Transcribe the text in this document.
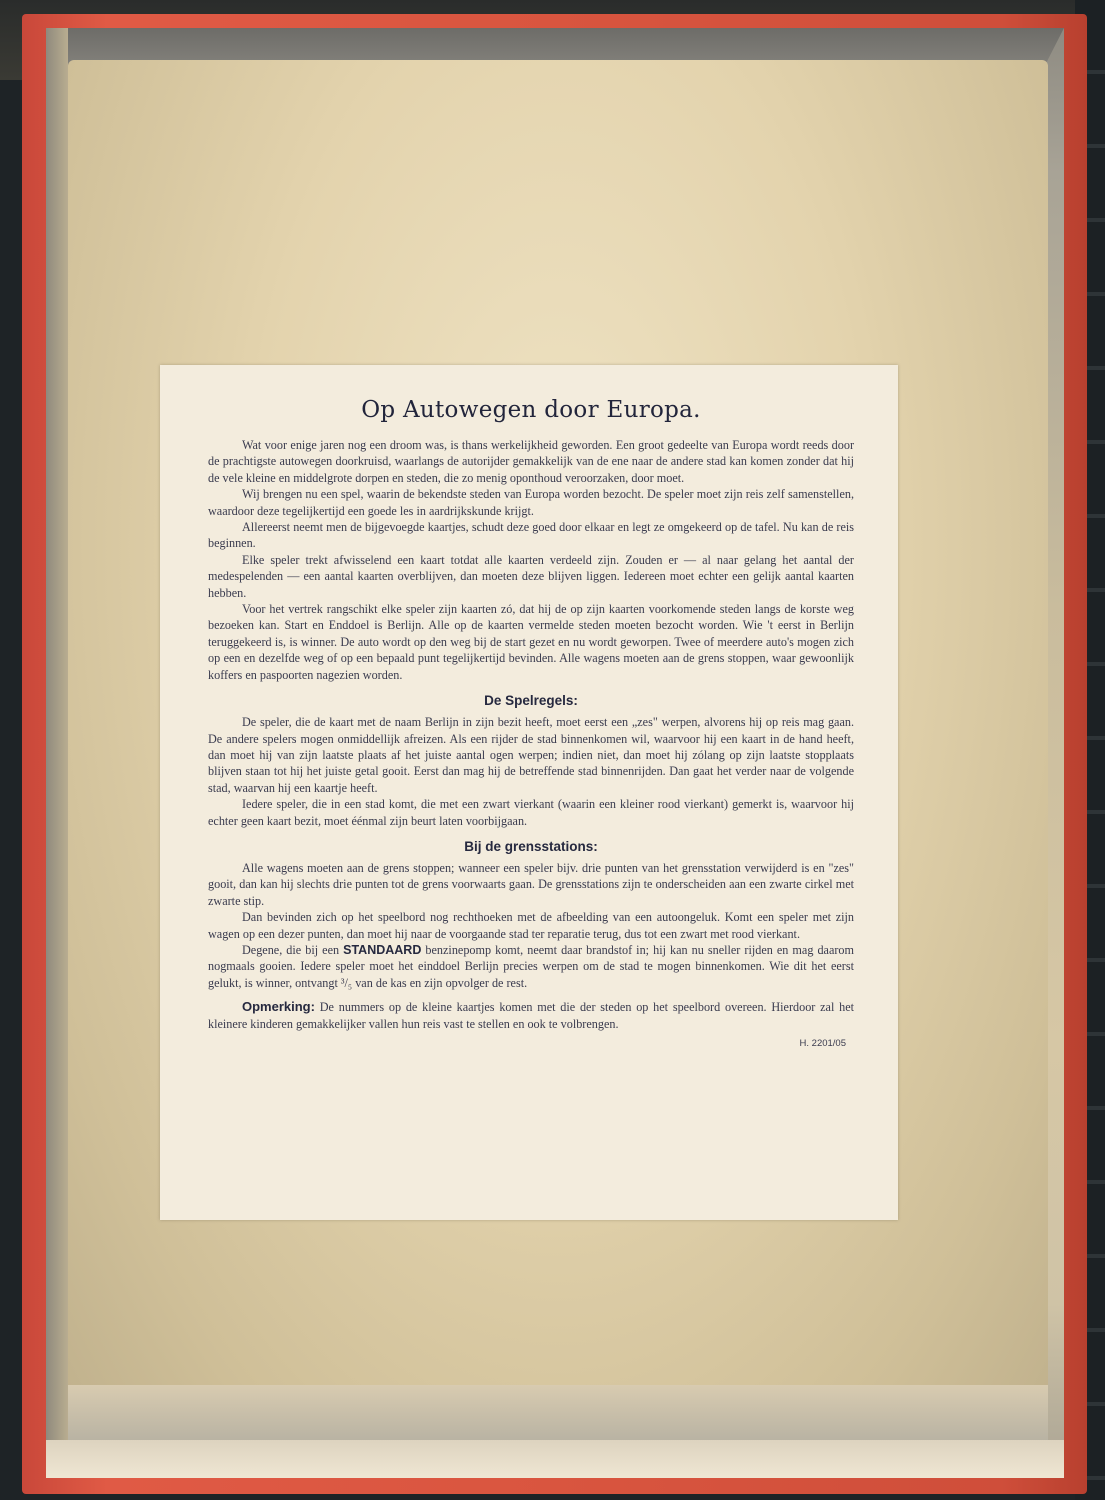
Op Autowegen door Europa.

Wat voor enige jaren nog een droom was, is thans werkelijkheid geworden. Een groot gedeelte van Europa wordt reeds door de prachtigste autowegen doorkruisd, waarlangs de autorijder gemakkelijk van de ene naar de andere stad kan komen zonder dat hij de vele kleine en middelgrote dorpen en steden, die zo menig oponthoud veroorzaken, door moet.

Wij brengen nu een spel, waarin de bekendste steden van Europa worden bezocht. De speler moet zijn reis zelf samenstellen, waardoor deze tegelijkertijd een goede les in aardrijkskunde krijgt.

Allereerst neemt men de bijgevoegde kaartjes, schudt deze goed door elkaar en legt ze omgekeerd op de tafel. Nu kan de reis beginnen.

Elke speler trekt afwisselend een kaart totdat alle kaarten verdeeld zijn. Zouden er — al naar gelang het aantal der medespelenden — een aantal kaarten overblijven, dan moeten deze blijven liggen. Iedereen moet echter een gelijk aantal kaarten hebben.

Voor het vertrek rangschikt elke speler zijn kaarten zó, dat hij de op zijn kaarten voorkomende steden langs de korste weg bezoeken kan. Start en Enddoel is Berlijn. Alle op de kaarten vermelde steden moeten bezocht worden. Wie 't eerst in Berlijn teruggekeerd is, is winner. De auto wordt op den weg bij de start gezet en nu wordt geworpen. Twee of meerdere auto's mogen zich op een en dezelfde weg of op een bepaald punt tegelijkertijd bevinden. Alle wagens moeten aan de grens stoppen, waar gewoonlijk koffers en paspoorten nagezien worden.

De Spelregels:

De speler, die de kaart met de naam Berlijn in zijn bezit heeft, moet eerst een „zes" werpen, alvorens hij op reis mag gaan. De andere spelers mogen onmiddellijk afreizen. Als een rijder de stad binnenkomen wil, waarvoor hij een kaart in de hand heeft, dan moet hij van zijn laatste plaats af het juiste aantal ogen werpen; indien niet, dan moet hij zólang op zijn laatste stopplaats blijven staan tot hij het juiste getal gooit. Eerst dan mag hij de betreffende stad binnenrijden. Dan gaat het verder naar de volgende stad, waarvan hij een kaartje heeft.

Iedere speler, die in een stad komt, die met een zwart vierkant (waarin een kleiner rood vierkant) gemerkt is, waarvoor hij echter geen kaart bezit, moet éénmal zijn beurt laten voorbijgaan.

Bij de grensstations:

Alle wagens moeten aan de grens stoppen; wanneer een speler bijv. drie punten van het grensstation verwijderd is en "zes" gooit, dan kan hij slechts drie punten tot de grens voorwaarts gaan. De grensstations zijn te onderscheiden aan een zwarte cirkel met zwarte stip.

Dan bevinden zich op het speelbord nog rechthoeken met de afbeelding van een autoongeluk. Komt een speler met zijn wagen op een dezer punten, dan moet hij naar de voorgaande stad ter reparatie terug, dus tot een zwart met rood vierkant.

Degene, die bij een STANDAARD benzinepomp komt, neemt daar brandstof in; hij kan nu sneller rijden en mag daarom nogmaals gooien. Iedere speler moet het einddoel Berlijn precies werpen om de stad te mogen binnenkomen. Wie dit het eerst gelukt, is winner, ontvangt ³/₅ van de kas en zijn opvolger de rest.

Opmerking: De nummers op de kleine kaartjes komen met die der steden op het speelbord overeen. Hierdoor zal het kleinere kinderen gemakkelijker vallen hun reis vast te stellen en ook te volbrengen.

H. 2201/05
